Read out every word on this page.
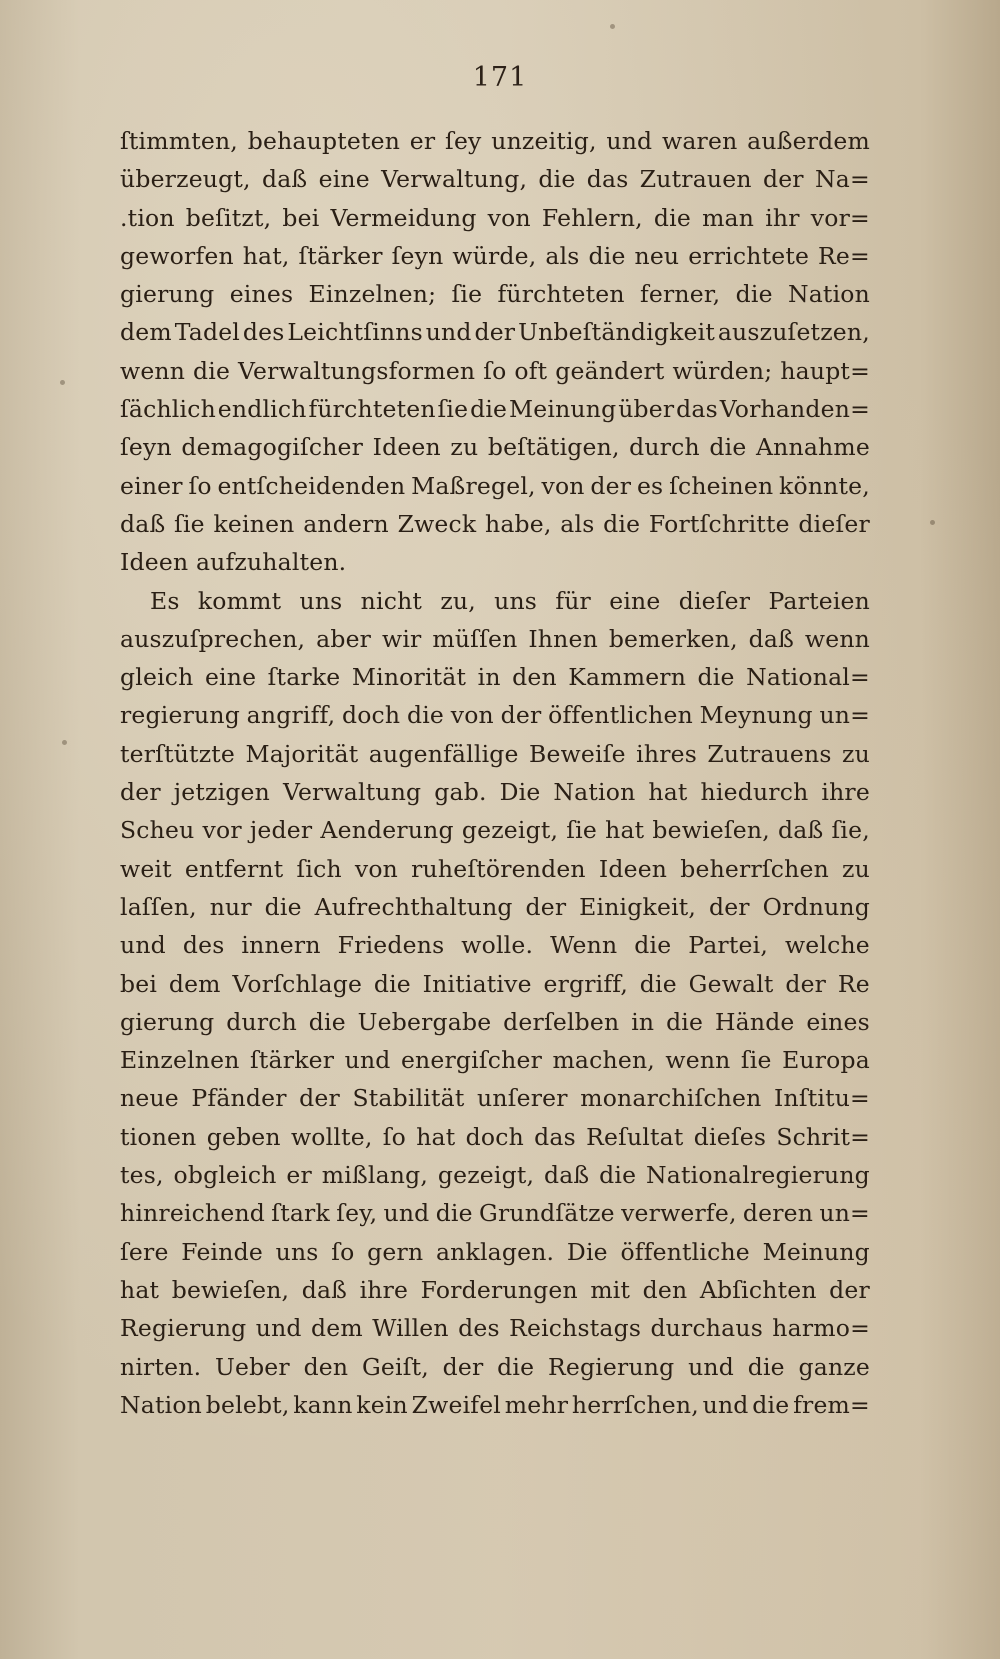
171
ſtimmten, behaupteten er ſey unzeitig, und waren außerdem
überzeugt, daß eine Verwaltung, die das Zutrauen der Na=
.tion beſitzt, bei Vermeidung von Fehlern, die man ihr vor=
geworfen hat, ſtärker ſeyn würde, als die neu errichtete Re=
gierung eines Einzelnen; ſie fürchteten ferner, die Nation
dem Tadel des Leichtſinns und der Unbeſtändigkeit auszuſetzen,
wenn die Verwaltungsformen ſo oft geändert würden; haupt=
ſächlich endlich fürchteten ſie die Meinung über das Vorhanden=
ſeyn demagogiſcher Ideen zu beſtätigen, durch die Annahme
einer ſo entſcheidenden Maßregel, von der es ſcheinen könnte,
daß ſie keinen andern Zweck habe, als die Fortſchritte dieſer
Ideen aufzuhalten.
Es kommt uns nicht zu, uns für eine dieſer Parteien
auszuſprechen, aber wir müſſen Ihnen bemerken, daß wenn
gleich eine ſtarke Minorität in den Kammern die National=
regierung angriff, doch die von der öffentlichen Meynung un=
terſtützte Majorität augenfällige Beweiſe ihres Zutrauens zu
der jetzigen Verwaltung gab. Die Nation hat hiedurch ihre
Scheu vor jeder Aenderung gezeigt, ſie hat bewieſen, daß ſie,
weit entfernt ſich von ruheſtörenden Ideen beherrſchen zu
laſſen, nur die Aufrechthaltung der Einigkeit, der Ordnung
und des innern Friedens wolle. Wenn die Partei, welche
bei dem Vorſchlage die Initiative ergriff, die Gewalt der Re
gierung durch die Uebergabe derſelben in die Hände eines
Einzelnen ſtärker und energiſcher machen, wenn ſie Europa
neue Pfänder der Stabilität unſerer monarchiſchen Inſtitu=
tionen geben wollte, ſo hat doch das Reſultat dieſes Schrit=
tes, obgleich er mißlang, gezeigt, daß die Nationalregierung
hinreichend ſtark ſey, und die Grundſätze verwerfe, deren un=
ſere Feinde uns ſo gern anklagen. Die öffentliche Meinung
hat bewieſen, daß ihre Forderungen mit den Abſichten der
Regierung und dem Willen des Reichstags durchaus harmo=
nirten. Ueber den Geiſt, der die Regierung und die ganze
Nation belebt, kann kein Zweifel mehr herrſchen, und die frem=
